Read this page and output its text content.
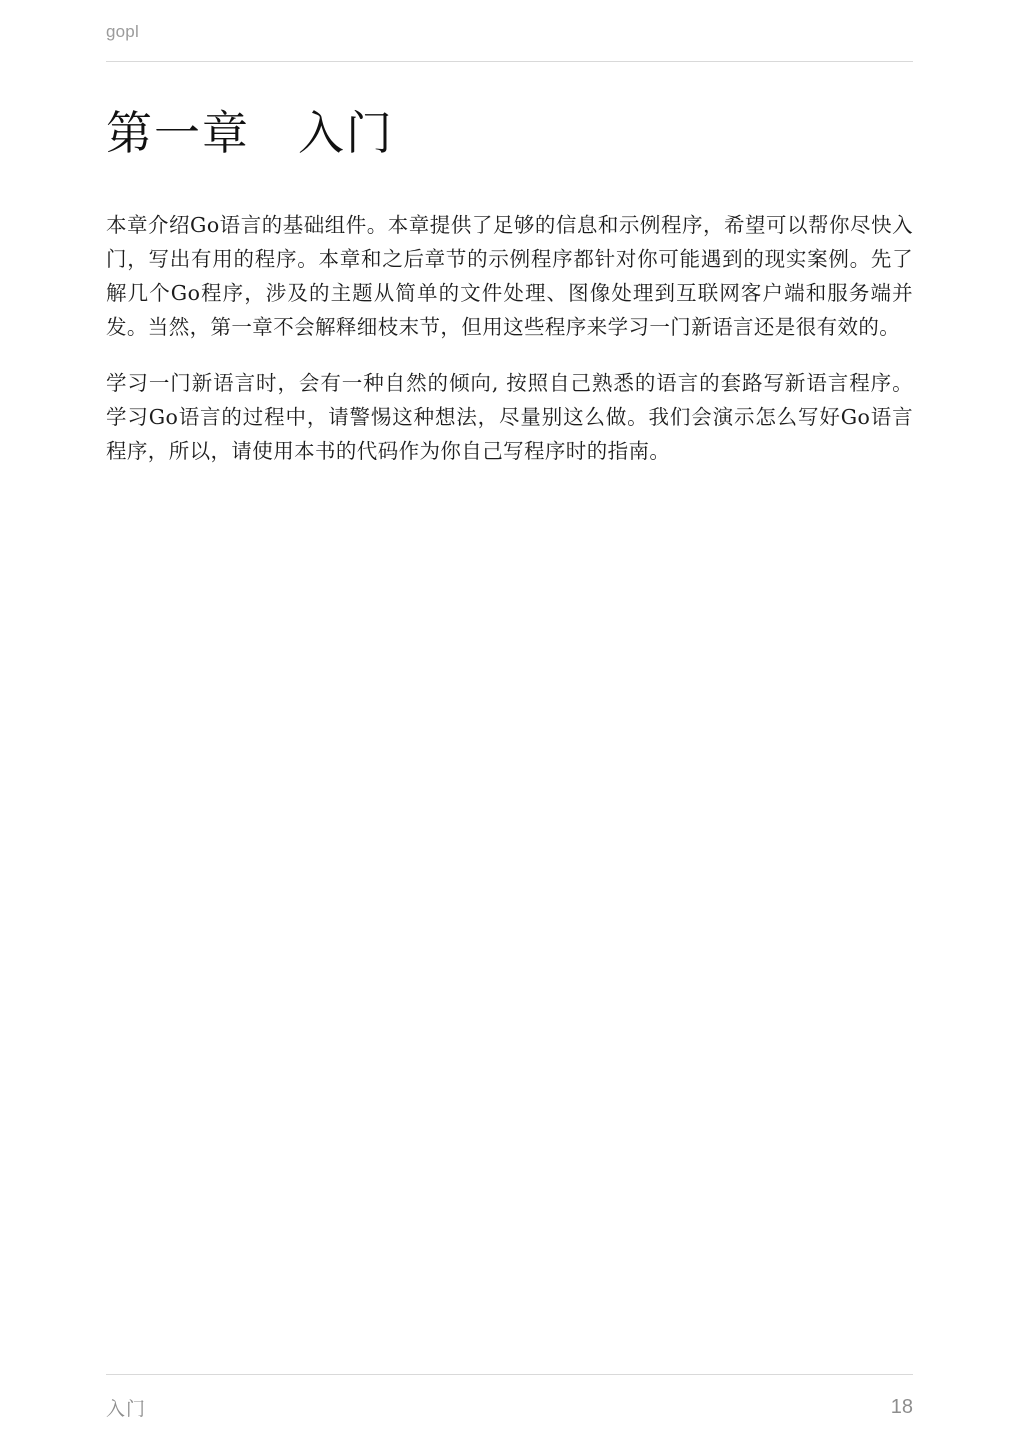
gopl
第一章　入门

本章介绍Go语言的基础组件。本章提供了足够的信息和示例程序，希望可以帮你尽快入门，写出有用的程序。本章和之后章节的示例程序都针对你可能遇到的现实案例。先了解几个Go程序，涉及的主题从简单的文件处理、图像处理到互联网客户端和服务端并发。当然，第一章不会解释细枝末节，但用这些程序来学习一门新语言还是很有效的。

学习一门新语言时，会有一种自然的倾向, 按照自己熟悉的语言的套路写新语言程序。学习Go语言的过程中，请警惕这种想法，尽量别这么做。我们会演示怎么写好Go语言程序，所以，请使用本书的代码作为你自己写程序时的指南。

入门	18
